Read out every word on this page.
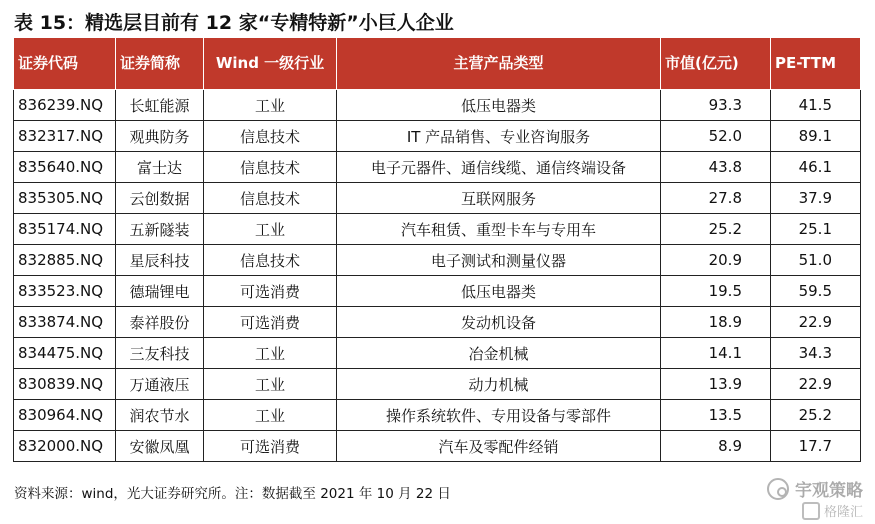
表 15：精选层目前有 12 家“专精特新”小巨人企业
证券代码	证券简称	Wind 一级行业	主营产品类型	市值(亿元)	PE-TTM
836239.NQ	长虹能源	工业	低压电器类	93.3	41.5
832317.NQ	观典防务	信息技术	IT 产品销售、专业咨询服务	52.0	89.1
835640.NQ	富士达	信息技术	电子元器件、通信线缆、通信终端设备	43.8	46.1
835305.NQ	云创数据	信息技术	互联网服务	27.8	37.9
835174.NQ	五新隧装	工业	汽车租赁、重型卡车与专用车	25.2	25.1
832885.NQ	星辰科技	信息技术	电子测试和测量仪器	20.9	51.0
833523.NQ	德瑞锂电	可选消费	低压电器类	19.5	59.5
833874.NQ	泰祥股份	可选消费	发动机设备	18.9	22.9
834475.NQ	三友科技	工业	冶金机械	14.1	34.3
830839.NQ	万通液压	工业	动力机械	13.9	22.9
830964.NQ	润农节水	工业	操作系统软件、专用设备与零部件	13.5	25.2
832000.NQ	安徽凤凰	可选消费	汽车及零配件经销	8.9	17.7
资料来源：wind，光大证券研究所。注：数据截至 2021 年 10 月 22 日	宇观策略
格隆汇
